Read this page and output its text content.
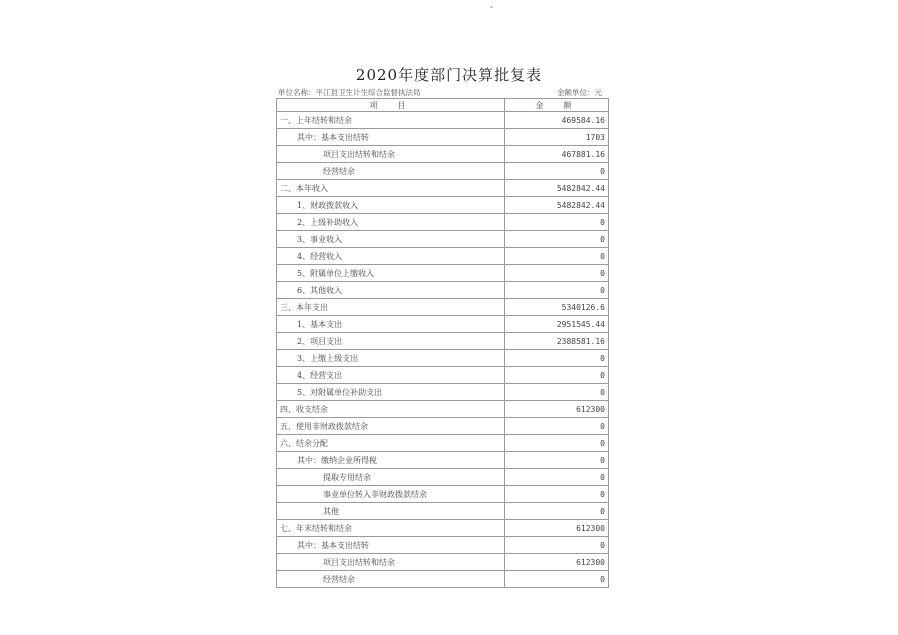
2020年度部门决算批复表
单位名称：平江县卫生计生综合监督执法局	金额单位：元
项　目	金　额
一、上年结转和结余	469584.16
其中：基本支出结转	1703
项目支出结转和结余	467881.16
经营结余	0
二、本年收入	5482842.44
1、财政拨款收入	5482842.44
2、上级补助收入	0
3、事业收入	0
4、经营收入	0
5、附属单位上缴收入	0
6、其他收入	0
三、本年支出	5340126.6
1、基本支出	2951545.44
2、项目支出	2388581.16
3、上缴上级支出	0
4、经营支出	0
5、对附属单位补助支出	0
四、收支结余	612300
五、使用非财政拨款结余	0
六、结余分配	0
其中：缴纳企业所得税	0
提取专用结余	0
事业单位转入非财政拨款结余	0
其他	0
七、年末结转和结余	612300
其中：基本支出结转	0
项目支出结转和结余	612300
经营结余	0
